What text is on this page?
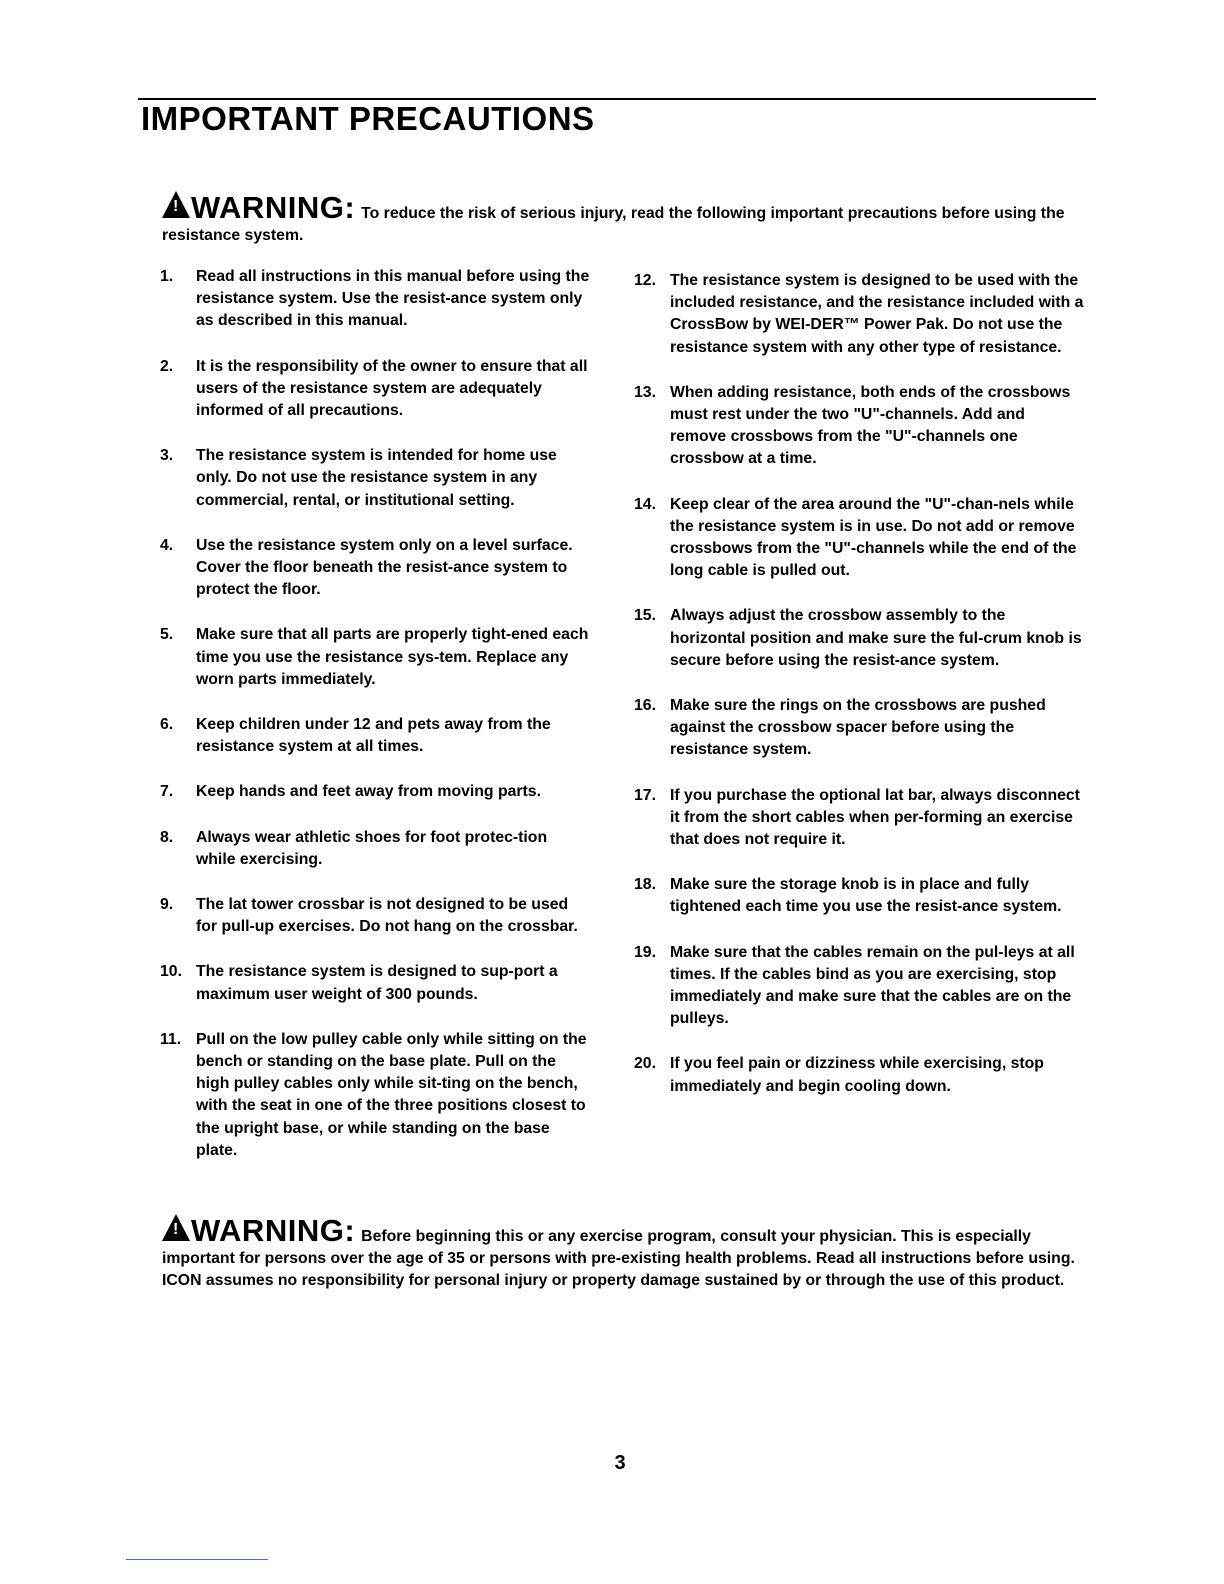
IMPORTANT PRECAUTIONS
!WARNING: To reduce the risk of serious injury, read the following important precautions before using the resistance system.
1. Read all instructions in this manual before using the resistance system. Use the resist-ance system only as described in this manual.
2. It is the responsibility of the owner to ensure that all users of the resistance system are adequately informed of all precautions.
3. The resistance system is intended for home use only. Do not use the resistance system in any commercial, rental, or institutional setting.
4. Use the resistance system only on a level surface. Cover the floor beneath the resist-ance system to protect the floor.
5. Make sure that all parts are properly tight-ened each time you use the resistance sys-tem. Replace any worn parts immediately.
6. Keep children under 12 and pets away from the resistance system at all times.
7. Keep hands and feet away from moving parts.
8. Always wear athletic shoes for foot protec-tion while exercising.
9. The lat tower crossbar is not designed to be used for pull-up exercises. Do not hang on the crossbar.
10. The resistance system is designed to sup-port a maximum user weight of 300 pounds.
11. Pull on the low pulley cable only while sitting on the bench or standing on the base plate. Pull on the high pulley cables only while sit-ting on the bench, with the seat in one of the three positions closest to the upright base, or while standing on the base plate.
12. The resistance system is designed to be used with the included resistance, and the resistance included with a CrossBow by WEI-DER™ Power Pak. Do not use the resistance system with any other type of resistance.
13. When adding resistance, both ends of the crossbows must rest under the two "U"-channels. Add and remove crossbows from the "U"-channels one crossbow at a time.
14. Keep clear of the area around the "U"-chan-nels while the resistance system is in use. Do not add or remove crossbows from the "U"-channels while the end of the long cable is pulled out.
15. Always adjust the crossbow assembly to the horizontal position and make sure the ful-crum knob is secure before using the resist-ance system.
16. Make sure the rings on the crossbows are pushed against the crossbow spacer before using the resistance system.
17. If you purchase the optional lat bar, always disconnect it from the short cables when per-forming an exercise that does not require it.
18. Make sure the storage knob is in place and fully tightened each time you use the resist-ance system.
19. Make sure that the cables remain on the pul-leys at all times. If the cables bind as you are exercising, stop immediately and make sure that the cables are on the pulleys.
20. If you feel pain or dizziness while exercising, stop immediately and begin cooling down.
!WARNING: Before beginning this or any exercise program, consult your physician. This is especially important for persons over the age of 35 or persons with pre-existing health problems. Read all instructions before using. ICON assumes no responsibility for personal injury or property damage sustained by or through the use of this product.
3
